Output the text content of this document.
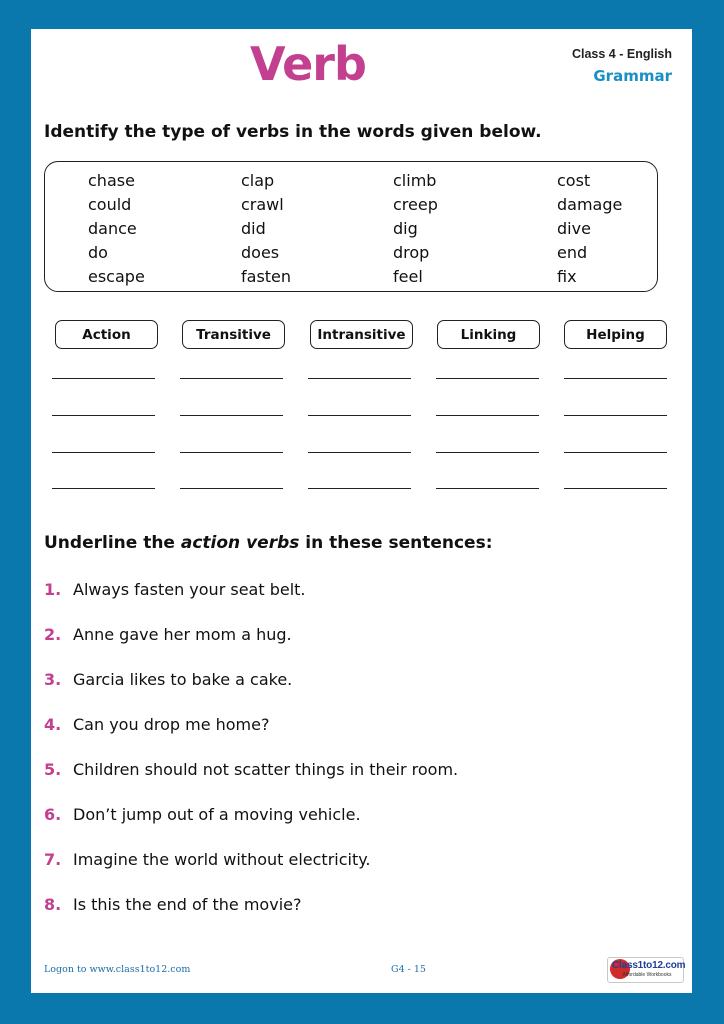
Verb	Class 4 - English
Grammar
Identify the type of verbs in the words given below.
chase	clap	climb	cost
could	crawl	creep	damage
dance	did	dig	dive
do	does	drop	end
escape	fasten	feel	fix
Action	Transitive	Intransitive	Linking	Helping
Underline the action verbs in these sentences:
1. Always fasten your seat belt.
2. Anne gave her mom a hug.
3. Garcia likes to bake a cake.
4. Can you drop me home?
5. Children should not scatter things in their room.
6. Don’t jump out of a moving vehicle.
7. Imagine the world without electricity.
8. Is this the end of the movie?
Logon to www.class1to12.com	G4 - 15	Class1to12.com
Affordable Workbooks
